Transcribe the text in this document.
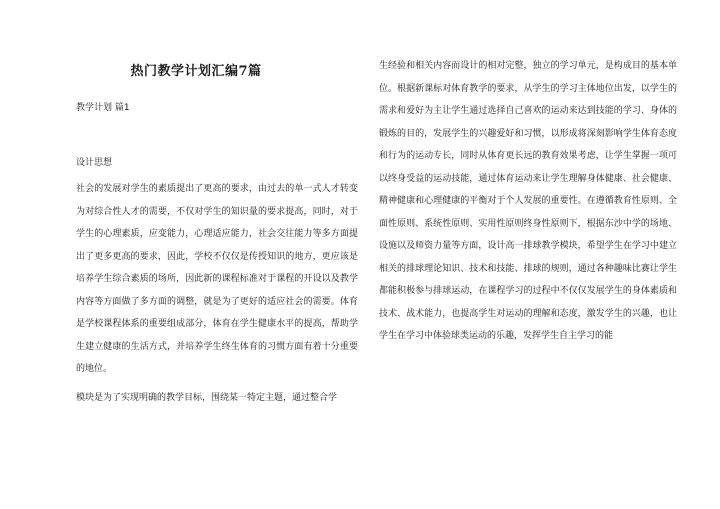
热门教学计划汇编7篇

教学计划 篇1

设计思想

社会的发展对学生的素质提出了更高的要求，由过去的单一式人才转变为对综合性人才的需要，不仅对学生的知识量的要求提高，同时，对于学生的心理素质，应变能力，心理适应能力，社会交往能力等多方面提出了更多更高的要求，因此，学校不仅仅是传授知识的地方，更应该是培养学生综合素质的场所，因此新的课程标准对于课程的开设以及教学内容等方面做了多方面的调整，就是为了更好的适应社会的需要。体育是学校课程体系的重要组成部分，体育在学生健康水平的提高，帮助学生建立健康的生活方式，并培养学生终生体育的习惯方面有着十分重要的地位。

模块是为了实现明确的教学目标，围绕某一特定主题，通过整合学

生经验和相关内容而设计的相对完整，独立的学习单元，是构成目的基本单位。根据新课标对体育教学的要求，从学生的学习主体地位出发，以学生的需求和爱好为主让学生通过选择自己喜欢的运动来达到技能的学习、身体的锻炼的目的，发展学生的兴趣爱好和习惯，以形成将深刻影响学生体育态度和行为的运动专长，同时从体育更长远的教育效果考虑，让学生掌握一项可以终身受益的运动技能，通过体育运动来让学生理解身体健康、社会健康、精神健康和心理健康的平衡对于个人发展的重要性。在遵循教育性原则、全面性原则、系统性原则、实用性原则终身性原则下，根据东沙中学的场地、设施以及师资力量等方面，设计高一排球教学模块，希望学生在学习中建立相关的排球理论知识、技术和技能、排球的规则，通过各种趣味比赛让学生都能积极参与排球运动，在课程学习的过程中不仅仅发展学生的身体素质和技术、战术能力，也提高学生对运动的理解和态度，激发学生的兴趣，也让学生在学习中体验球类运动的乐趣，发挥学生自主学习的能
